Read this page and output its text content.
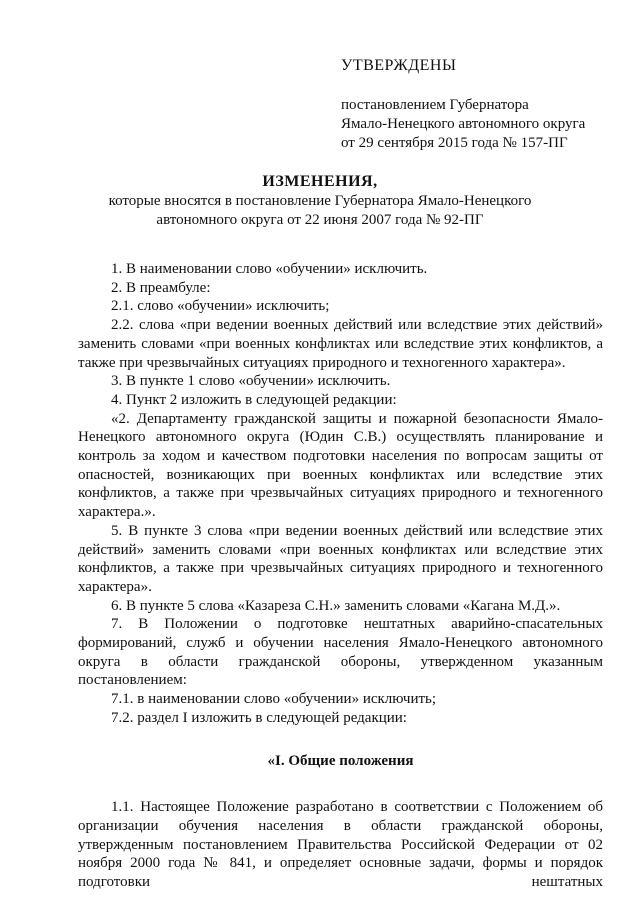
УТВЕРЖДЕНЫ
постановлением Губернатора
Ямало-Ненецкого автономного округа
от 29 сентября 2015 года № 157-ПГ
ИЗМЕНЕНИЯ,
которые вносятся в постановление Губернатора Ямало-Ненецкого
автономного округа от 22 июня 2007 года № 92-ПГ

1. В наименовании слово «обучении» исключить.

2. В преамбуле:

2.1. слово «обучении» исключить;

2.2. слова «при ведении военных действий или вследствие этих действий» заменить словами «при военных конфликтах или вследствие этих конфликтов, а также при чрезвычайных ситуациях природного и техногенного характера».

3. В пункте 1 слово «обучении» исключить.

4. Пункт 2 изложить в следующей редакции:

«2. Департаменту гражданской защиты и пожарной безопасности Ямало-Ненецкого автономного округа (Юдин С.В.) осуществлять планирование и контроль за ходом и качеством подготовки населения по вопросам защиты от опасностей, возникающих при военных конфликтах или вследствие этих конфликтов, а также при чрезвычайных ситуациях природного и техногенного характера.».

5. В пункте 3 слова «при ведении военных действий или вследствие этих действий» заменить словами «при военных конфликтах или вследствие этих конфликтов, а также при чрезвычайных ситуациях природного и техногенного характера».

6. В пункте 5 слова «Казареза С.Н.» заменить словами «Кагана М.Д.».

7. В Положении о подготовке нештатных аварийно-спасательных формирований, служб и обучении населения Ямало-Ненецкого автономного округа в области гражданской обороны, утвержденном указанным постановлением:

7.1. в наименовании слово «обучении» исключить;

7.2. раздел I изложить в следующей редакции:

«I. Общие положения

1.1. Настоящее Положение разработано в соответствии с Положением об организации обучения населения в области гражданской обороны, утвержденным постановлением Правительства Российской Федерации от 02 ноября 2000 года № 841, и определяет основные задачи, формы и порядок подготовки нештатных
